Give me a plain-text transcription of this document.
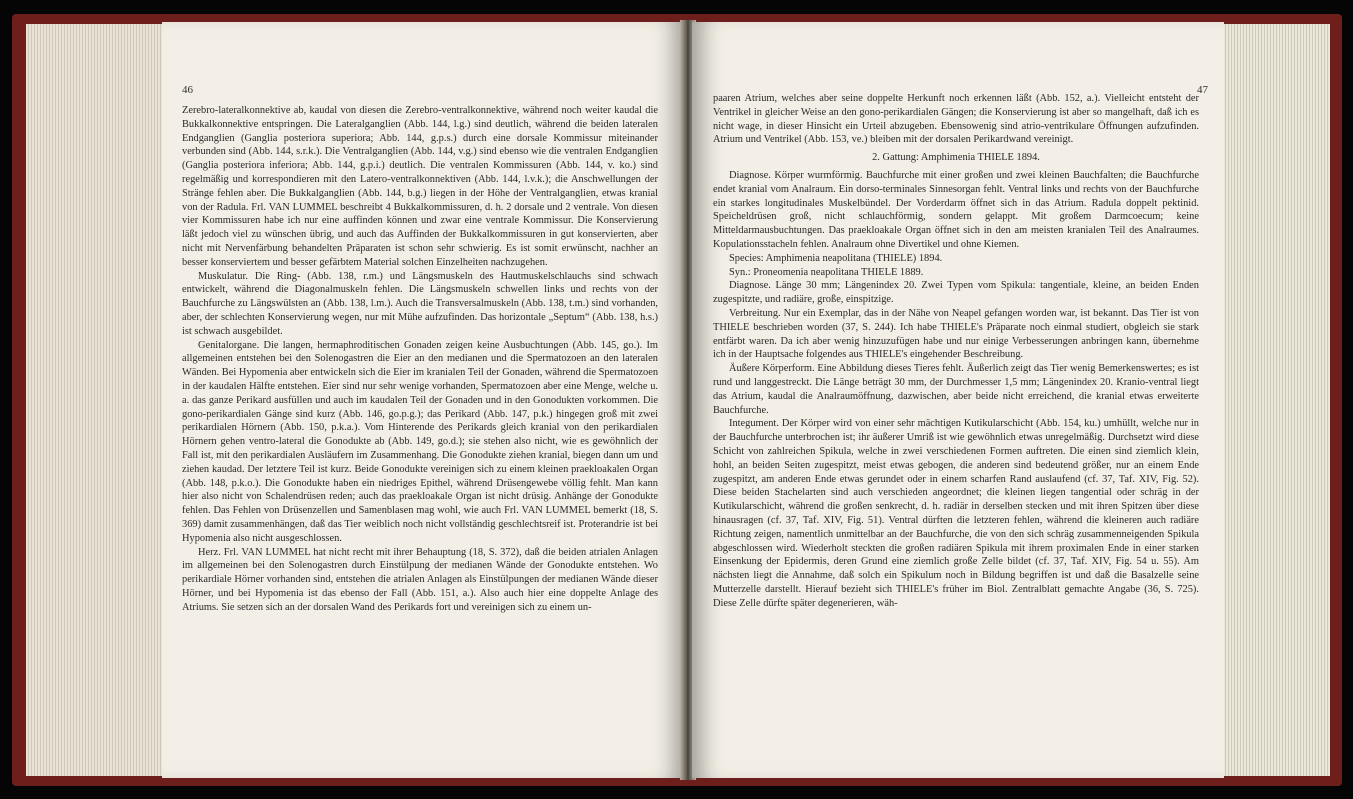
46

Zerebro-lateralkonnektive ab, kaudal von diesen die Zerebro-ventralkonnektive, während noch weiter kaudal die Bukkalkonnektive entspringen. Die Lateralganglien (Abb. 144, l.g.) sind deutlich, während die beiden lateralen Endganglien (Ganglia posteriora superiora; Abb. 144, g.p.s.) durch eine dorsale Kommissur miteinander verbunden sind (Abb. 144, s.r.k.). Die Ventralganglien (Abb. 144, v.g.) sind ebenso wie die ventralen Endganglien (Ganglia posteriora inferiora; Abb. 144, g.p.i.) deutlich. Die ventralen Kommissuren (Abb. 144, v. ko.) sind regelmäßig und korrespondieren mit den Latero-ventralkonnektiven (Abb. 144, l.v.k.); die Anschwellungen der Stränge fehlen aber. Die Bukkalganglien (Abb. 144, b.g.) liegen in der Höhe der Ventralganglien, etwas kranial von der Radula. Frl. VAN LUMMEL beschreibt 4 Bukkalkommissuren, d. h. 2 dorsale und 2 ventrale. Von diesen vier Kommissuren habe ich nur eine auffinden können und zwar eine ventrale Kommissur. Die Konservierung läßt jedoch viel zu wünschen übrig, und auch das Auffinden der Bukkalkommissuren in gut konservierten, aber nicht mit Nervenfärbung behandelten Präparaten ist schon sehr schwierig. Es ist somit erwünscht, nachher an besser konserviertem und besser gefärbtem Material solchen Einzelheiten nachzugehen.

Muskulatur. Die Ring- (Abb. 138, r.m.) und Längsmuskeln des Hautmuskelschlauchs sind schwach entwickelt, während die Diagonalmuskeln fehlen. Die Längsmuskeln schwellen links und rechts von der Bauchfurche zu Längswülsten an (Abb. 138, l.m.). Auch die Transversalmuskeln (Abb. 138, t.m.) sind vorhanden, aber, der schlechten Konservierung wegen, nur mit Mühe aufzufinden. Das horizontale „Septum“ (Abb. 138, h.s.) ist schwach ausgebildet.

Genitalorgane. Die langen, hermaphroditischen Gonaden zeigen keine Ausbuchtungen (Abb. 145, go.). Im allgemeinen entstehen bei den Solenogastren die Eier an den medianen und die Spermatozoen an den lateralen Wänden. Bei Hypomenia aber entwickeln sich die Eier im kranialen Teil der Gonaden, während die Spermatozoen in der kaudalen Hälfte entstehen. Eier sind nur sehr wenige vorhanden, Spermatozoen aber eine Menge, welche u. a. das ganze Perikard ausfüllen und auch im kaudalen Teil der Gonaden und in den Gonodukten vorkommen. Die gono-perikardialen Gänge sind kurz (Abb. 146, go.p.g.); das Perikard (Abb. 147, p.k.) hingegen groß mit zwei perikardialen Hörnern (Abb. 150, p.k.a.). Vom Hinterende des Perikards gleich kranial von den perikardialen Hörnern gehen ventro-lateral die Gonodukte ab (Abb. 149, go.d.); sie stehen also nicht, wie es gewöhnlich der Fall ist, mit den perikardialen Ausläufern im Zusammenhang. Die Gonodukte ziehen kranial, biegen dann um und ziehen kaudad. Der letztere Teil ist kurz. Beide Gonodukte vereinigen sich zu einem kleinen praekloakalen Organ (Abb. 148, p.k.o.). Die Gonodukte haben ein niedriges Epithel, während Drüsengewebe völlig fehlt. Man kann hier also nicht von Schalendrüsen reden; auch das praekloakale Organ ist nicht drüsig. Anhänge der Gonodukte fehlen. Das Fehlen von Drüsenzellen und Samenblasen mag wohl, wie auch Frl. VAN LUMMEL bemerkt (18, S. 369) damit zusammenhängen, daß das Tier weiblich noch nicht vollständig geschlechtsreif ist. Proterandrie ist bei Hypomenia also nicht ausgeschlossen.

Herz. Frl. VAN LUMMEL hat nicht recht mit ihrer Behauptung (18, S. 372), daß die beiden atrialen Anlagen im allgemeinen bei den Solenogastren durch Einstülpung der medianen Wände der Gonodukte entstehen. Wo perikardiale Hörner vorhanden sind, entstehen die atrialen Anlagen als Einstülpungen der medianen Wände dieser Hörner, und bei Hypomenia ist das ebenso der Fall (Abb. 151, a.). Also auch hier eine doppelte Anlage des Atriums. Sie setzen sich an der dorsalen Wand des Perikards fort und vereinigen sich zu einem un-

47

paaren Atrium, welches aber seine doppelte Herkunft noch erkennen läßt (Abb. 152, a.). Vielleicht entsteht der Ventrikel in gleicher Weise an den gono-perikardialen Gängen; die Konservierung ist aber so mangelhaft, daß ich es nicht wage, in dieser Hinsicht ein Urteil abzugeben. Ebensowenig sind atrio-ventrikulare Öffnungen aufzufinden. Atrium und Ventrikel (Abb. 153, ve.) bleiben mit der dorsalen Perikardwand vereinigt.

2. Gattung: Amphimenia THIELE 1894.

Diagnose. Körper wurmförmig. Bauchfurche mit einer großen und zwei kleinen Bauchfalten; die Bauchfurche endet kranial vom Analraum. Ein dorso-terminales Sinnesorgan fehlt. Ventral links und rechts von der Bauchfurche ein starkes longitudinales Muskelbündel. Der Vorderdarm öffnet sich in das Atrium. Radula doppelt pektinid. Speicheldrüsen groß, nicht schlauchförmig, sondern gelappt. Mit großem Darmcoecum; keine Mitteldarmausbuchtungen. Das praekloakale Organ öffnet sich in den am meisten kranialen Teil des Analraumes. Kopulationsstacheln fehlen. Analraum ohne Divertikel und ohne Kiemen.

Species: Amphimenia neapolitana (THIELE) 1894.

Syn.: Proneomenia neapolitana THIELE 1889.

Diagnose. Länge 30 mm; Längenindex 20. Zwei Typen vom Spikula: tangentiale, kleine, an beiden Enden zugespitzte, und radiäre, große, einspitzige.

Verbreitung. Nur ein Exemplar, das in der Nähe von Neapel gefangen worden war, ist bekannt. Das Tier ist von THIELE beschrieben worden (37, S. 244). Ich habe THIELE's Präparate noch einmal studiert, obgleich sie stark entfärbt waren. Da ich aber wenig hinzuzufügen habe und nur einige Verbesserungen anbringen kann, übernehme ich in der Hauptsache folgendes aus THIELE's eingehender Beschreibung.

Äußere Körperform. Eine Abbildung dieses Tieres fehlt. Äußerlich zeigt das Tier wenig Bemerkenswertes; es ist rund und langgestreckt. Die Länge beträgt 30 mm, der Durchmesser 1,5 mm; Längenindex 20. Kranio-ventral liegt das Atrium, kaudal die Analraumöffnung, dazwischen, aber beide nicht erreichend, die kranial etwas erweiterte Bauchfurche.

Integument. Der Körper wird von einer sehr mächtigen Kutikularschicht (Abb. 154, ku.) umhüllt, welche nur in der Bauchfurche unterbrochen ist; ihr äußerer Umriß ist wie gewöhnlich etwas unregelmäßig. Durchsetzt wird diese Schicht von zahlreichen Spikula, welche in zwei verschiedenen Formen auftreten. Die einen sind ziemlich klein, hohl, an beiden Seiten zugespitzt, meist etwas gebogen, die anderen sind bedeutend größer, nur an einem Ende zugespitzt, am anderen Ende etwas gerundet oder in einem scharfen Rand auslaufend (cf. 37, Taf. XIV, Fig. 52). Diese beiden Stachelarten sind auch verschieden angeordnet; die kleinen liegen tangential oder schräg in der Kutikularschicht, während die großen senkrecht, d. h. radiär in derselben stecken und mit ihren Spitzen über diese hinausragen (cf. 37, Taf. XIV, Fig. 51). Ventral dürften die letzteren fehlen, während die kleineren auch radiäre Richtung zeigen, namentlich unmittelbar an der Bauchfurche, die von den sich schräg zusammenneigenden Spikula abgeschlossen wird. Wiederholt steckten die großen radiären Spikula mit ihrem proximalen Ende in einer starken Einsenkung der Epidermis, deren Grund eine ziemlich große Zelle bildet (cf. 37, Taf. XIV, Fig. 54 u. 55). Am nächsten liegt die Annahme, daß solch ein Spikulum noch in Bildung begriffen ist und daß die Basalzelle seine Mutterzelle darstellt. Hierauf bezieht sich THIELE's früher im Biol. Zentralblatt gemachte Angabe (36, S. 725). Diese Zelle dürfte später degenerieren, wäh-
